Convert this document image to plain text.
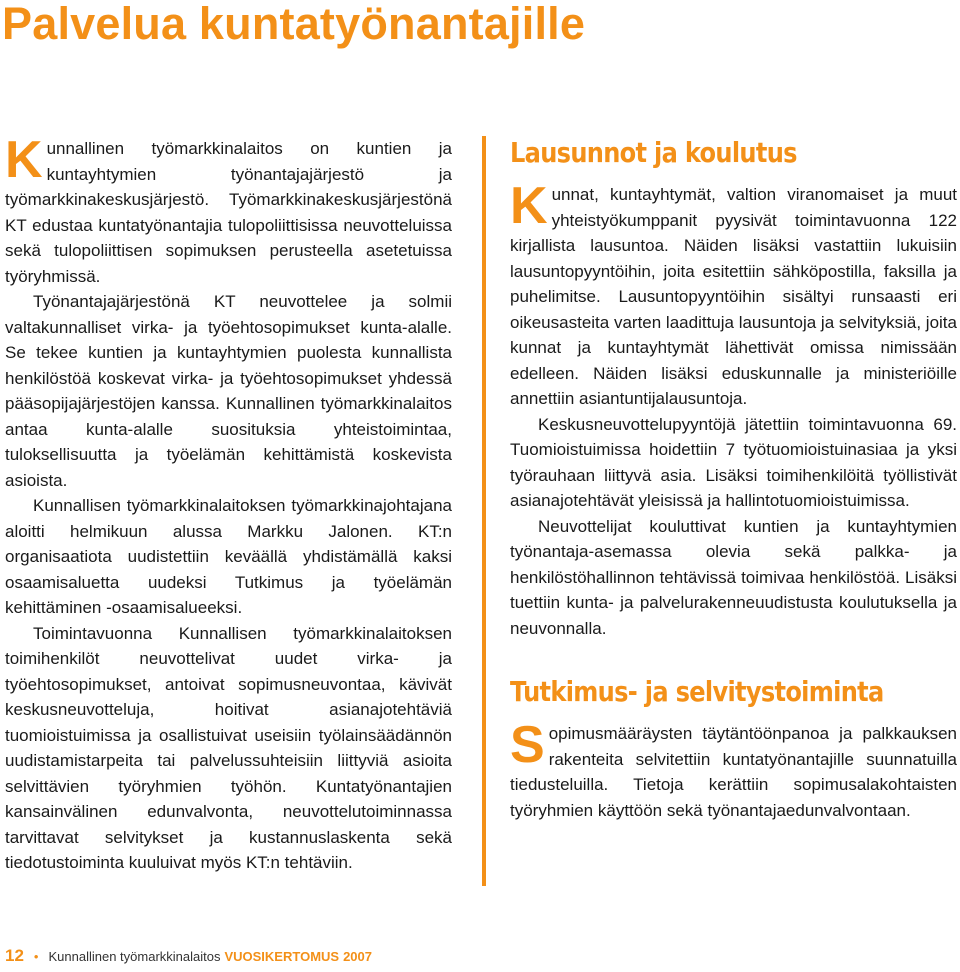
Palvelua kuntatyönantajille

Kunnallinen työmarkkinalaitos on kuntien ja kuntayhtymien työnantajajärjestö ja työmarkkinakeskusjärjestö. Työmarkkinakeskusjärjestönä KT edustaa kuntatyönantajia tulopoliittisissa neuvotteluissa sekä tulopoliittisen sopimuksen perusteella asetetuissa työryhmissä.

Työnantajajärjestönä KT neuvottelee ja solmii valtakunnalliset virka- ja työehtosopimukset kunta-alalle. Se tekee kuntien ja kuntayhtymien puolesta kunnallista henkilöstöä koskevat virka- ja työehtosopimukset yhdessä pääsopijajärjestöjen kanssa. Kunnallinen työmarkkinalaitos antaa kunta-alalle suosituksia yhteistoimintaa, tuloksellisuutta ja työelämän kehittämistä koskevista asioista.

Kunnallisen työmarkkinalaitoksen työmarkkinajohtajana aloitti helmikuun alussa Markku Jalonen. KT:n organisaatiota uudistettiin keväällä yhdistämällä kaksi osaamisaluetta uudeksi Tutkimus ja työelämän kehittäminen -osaamisalueeksi.

Toimintavuonna Kunnallisen työmarkkinalaitoksen toimihenkilöt neuvottelivat uudet virka- ja työehtosopimukset, antoivat sopimusneuvontaa, kävivät keskusneuvotteluja, hoitivat asianajotehtäviä tuomioistuimissa ja osallistuivat useisiin työlainsäädännön uudistamistarpeita tai palvelussuhteisiin liittyviä asioita selvittävien työryhmien työhön. Kuntatyönantajien kansainvälinen edunvalvonta, neuvottelutoiminnassa tarvittavat selvitykset ja kustannuslaskenta sekä tiedotustoiminta kuuluivat myös KT:n tehtäviin.

Lausunnot ja koulutus

Kunnat, kuntayhtymät, valtion viranomaiset ja muut yhteistyökumppanit pyysivät toimintavuonna 122 kirjallista lausuntoa. Näiden lisäksi vastattiin lukuisiin lausuntopyyntöihin, joita esitettiin sähköpostilla, faksilla ja puhelimitse. Lausuntopyyntöihin sisältyi runsaasti eri oikeusasteita varten laadittuja lausuntoja ja selvityksiä, joita kunnat ja kuntayhtymät lähettivät omissa nimissään edelleen. Näiden lisäksi eduskunnalle ja ministeriöille annettiin asiantuntijalausuntoja.

Keskusneuvottelupyyntöjä jätettiin toimintavuonna 69. Tuomioistuimissa hoidettiin 7 työtuomioistuinasiaa ja yksi työrauhaan liittyvä asia. Lisäksi toimihenkilöitä työllistivät asianajotehtävät yleisissä ja hallintotuomioistuimissa.

Neuvottelijat kouluttivat kuntien ja kuntayhtymien työnantaja-asemassa olevia sekä palkka- ja henkilöstöhallinnon tehtävissä toimivaa henkilöstöä. Lisäksi tuettiin kunta- ja palvelurakenneuudistusta koulutuksella ja neuvonnalla.

Tutkimus- ja selvitystoiminta

Sopimusmääräysten täytäntöönpanoa ja palkkauksen rakenteita selvitettiin kuntatyönantajille suunnatuilla tiedusteluilla. Tietoja kerättiin sopimusalakohtaisten työryhmien käyttöön sekä työnantajaedunvalvontaan.

12 • Kunnallinen työmarkkinalaitos VUOSIKERTOMUS 2007
